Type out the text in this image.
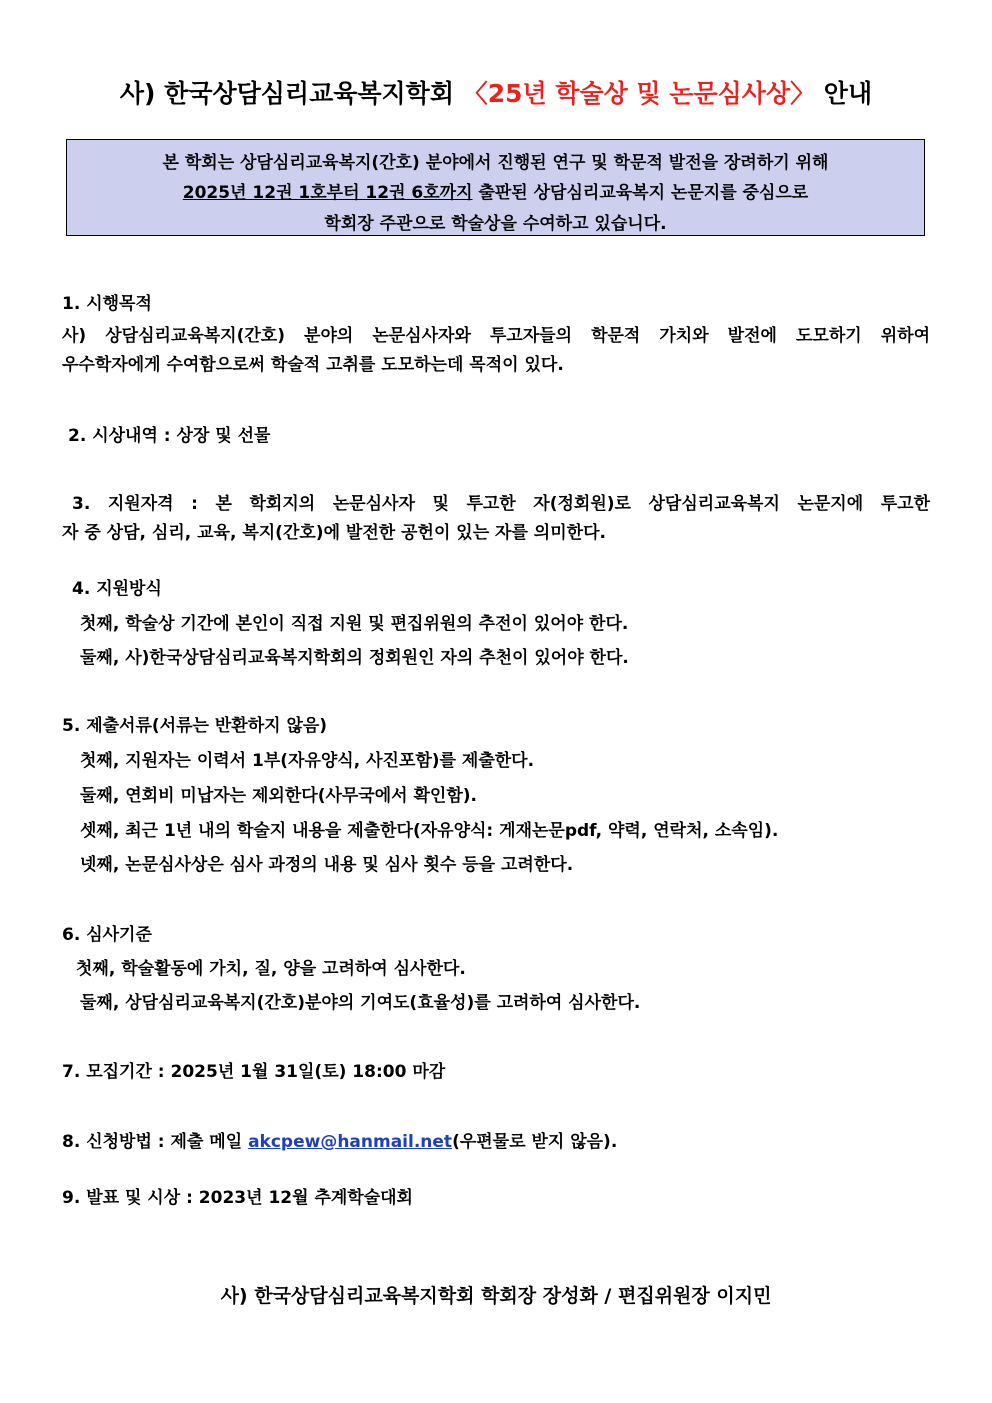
사) 한국상담심리교육복지학회 〈25년 학술상 및 논문심사상〉 안내
본 학회는 상담심리교육복지(간호) 분야에서 진행된 연구 및 학문적 발전을 장려하기 위해
2025년 12권 1호부터 12권 6호까지 출판된 상담심리교육복지 논문지를 중심으로
학회장 주관으로 학술상을 수여하고 있습니다.
1. 시행목적
사) 상담심리교육복지(간호) 분야의 논문심사자와 투고자들의 학문적 가치와 발전에 도모하기 위하여
우수학자에게 수여함으로써 학술적 고취를 도모하는데 목적이 있다.
2. 시상내역 : 상장 및 선물
3. 지원자격 : 본 학회지의 논문심사자 및 투고한 자(정회원)로 상담심리교육복지 논문지에 투고한
자 중 상담, 심리, 교육, 복지(간호)에 발전한 공헌이 있는 자를 의미한다.
4. 지원방식
첫째, 학술상 기간에 본인이 직접 지원 및 편집위원의 추전이 있어야 한다.
둘째, 사)한국상담심리교육복지학회의 정회원인 자의 추천이 있어야 한다.
5. 제출서류(서류는 반환하지 않음)
첫째, 지원자는 이력서 1부(자유양식, 사진포함)를 제출한다.
둘째, 연회비 미납자는 제외한다(사무국에서 확인함).
셋째, 최근 1년 내의 학술지 내용을 제출한다(자유양식: 게재논문pdf, 약력, 연락처, 소속임).
넷째, 논문심사상은 심사 과정의 내용 및 심사 횟수 등을 고려한다.
6. 심사기준
첫째, 학술활동에 가치, 질, 양을 고려하여 심사한다.
둘째, 상담심리교육복지(간호)분야의 기여도(효율성)를 고려하여 심사한다.
7. 모집기간 : 2025년 1월 31일(토) 18:00 마감
8. 신청방법 : 제출 메일 akcpew@hanmail.net(우편물로 받지 않음).
9. 발표 및 시상 : 2023년 12월 추계학술대회
사) 한국상담심리교육복지학회 학회장 장성화 / 편집위원장 이지민
